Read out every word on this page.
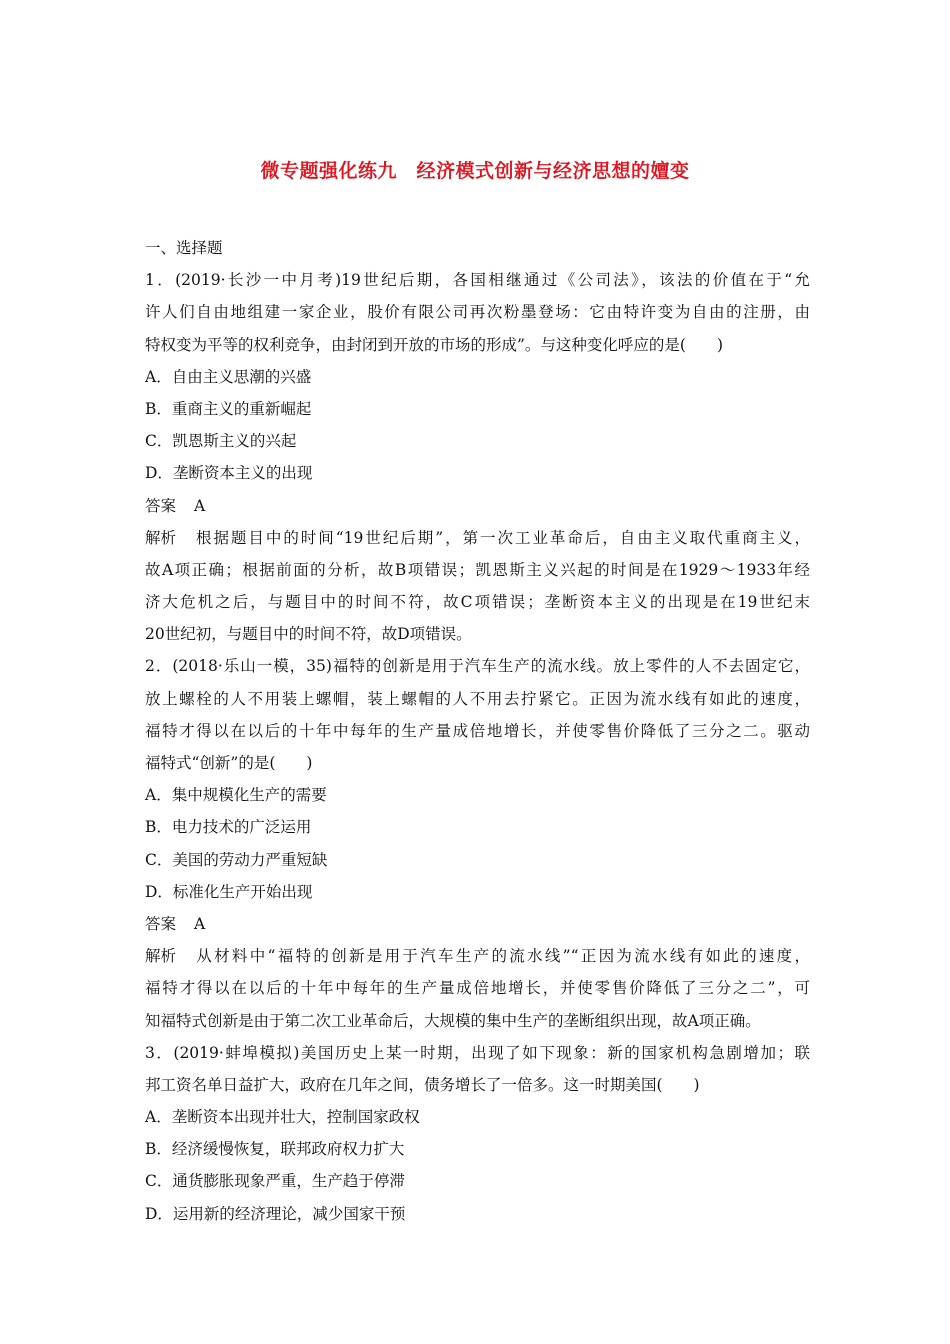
微专题强化练九　经济模式创新与经济思想的嬗变
一、选择题
1．(2019·长沙一中月考)19世纪后期，各国相继通过《公司法》，该法的价值在于“允
许人们自由地组建一家企业，股价有限公司再次粉墨登场：它由特许变为自由的注册，由
特权变为平等的权利竞争，由封闭到开放的市场的形成”。与这种变化呼应的是(　　)
A．自由主义思潮的兴盛
B．重商主义的重新崛起
C．凯恩斯主义的兴起
D．垄断资本主义的出现
答案 A
解析 根据题目中的时间“19世纪后期”，第一次工业革命后，自由主义取代重商主义，
故A项正确；根据前面的分析，故B项错误；凯恩斯主义兴起的时间是在1929～1933年经
济大危机之后，与题目中的时间不符，故C项错误；垄断资本主义的出现是在19世纪末
20世纪初，与题目中的时间不符，故D项错误。
2．(2018·乐山一模，35)福特的创新是用于汽车生产的流水线。放上零件的人不去固定它，
放上螺栓的人不用装上螺帽，装上螺帽的人不用去拧紧它。正因为流水线有如此的速度，
福特才得以在以后的十年中每年的生产量成倍地增长，并使零售价降低了三分之二。驱动
福特式“创新”的是(　　)
A．集中规模化生产的需要
B．电力技术的广泛运用
C．美国的劳动力严重短缺
D．标准化生产开始出现
答案 A
解析 从材料中“福特的创新是用于汽车生产的流水线”“正因为流水线有如此的速度，
福特才得以在以后的十年中每年的生产量成倍地增长，并使零售价降低了三分之二”，可
知福特式创新是由于第二次工业革命后，大规模的集中生产的垄断组织出现，故A项正确。
3．(2019·蚌埠模拟)美国历史上某一时期，出现了如下现象：新的国家机构急剧增加；联
邦工资名单日益扩大，政府在几年之间，债务增长了一倍多。这一时期美国(　　)
A．垄断资本出现并壮大，控制国家政权
B．经济缓慢恢复，联邦政府权力扩大
C．通货膨胀现象严重，生产趋于停滞
D．运用新的经济理论，减少国家干预
